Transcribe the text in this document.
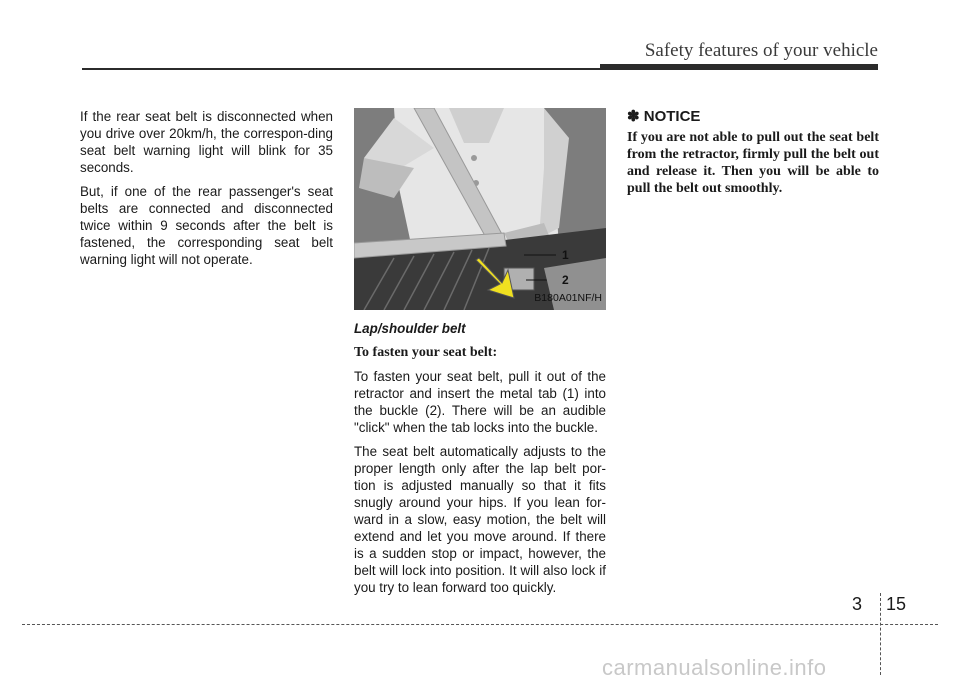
Safety features of your vehicle

If the rear seat belt is disconnected when you drive over 20km/h, the correspon-ding seat belt warning light will blink for 35 seconds.

But, if one of the rear passenger's seat belts are connected and disconnected twice within 9 seconds after the belt is fastened, the corresponding seat belt warning light will not operate.	1
2
B180A01NF/H

Lap/shoulder belt

To fasten your seat belt:

To fasten your seat belt, pull it out of the retractor and insert the metal tab (1) into the buckle (2). There will be an audible "click" when the tab locks into the buckle.

The seat belt automatically adjusts to the proper length only after the lap belt por-tion is adjusted manually so that it fits snugly around your hips. If you lean for-ward in a slow, easy motion, the belt will extend and let you move around. If there is a sudden stop or impact, however, the belt will lock into position. It will also lock if you try to lean forward too quickly.

✽ NOTICE
If you are not able to pull out the seat belt from the retractor, firmly pull the belt out and release it. Then you will be able to pull the belt out smoothly.
3 15
carmanualsonline.info
